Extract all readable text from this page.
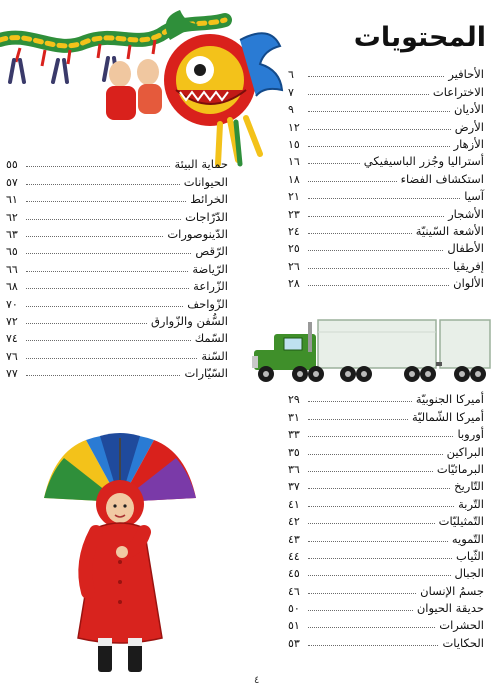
المحتويات
الأحافير
٦
الاختراعات
٧
الأديان
٩
الأرض
١٢
الأزهار
١٥
أستراليا وجُزر الباسيفيكي
١٦
استكشاف الفضاء
١٨
آسيا
٢١
الأشجار
٢٣
الأشعة السّينيّة
٢٤
الأطفال
٢٥
إفريقيا
٢٦
الألوان
٢٨
أميركا الجنوبيّة
٢٩
أميركا الشّماليّة
٣١
أوروبا
٣٣
البراكين
٣٥
البرمائيّات
٣٦
التّاريخ
٣٧
التّربة
٤١
التّمثيليّات
٤٢
التّمويه
٤٣
الثّياب
٤٤
الجبال
٤٥
جسمُ الإنسان
٤٦
حديقة الحيوان
٥٠
الحشرات
٥١
الحكايات
٥٣
حماية البيئة
٥٥
الحيوانات
٥٧
الخرائط
٦١
الدّرّاجات
٦٢
الدّينوصورات
٦٣
الرّقص
٦٥
الرّياضة
٦٦
الزّراعة
٦٨
الزّواحف
٧٠
السُّفن والزّوارق
٧٢
السّمك
٧٤
السّنة
٧٦
السّيّارات
٧٧
٤
